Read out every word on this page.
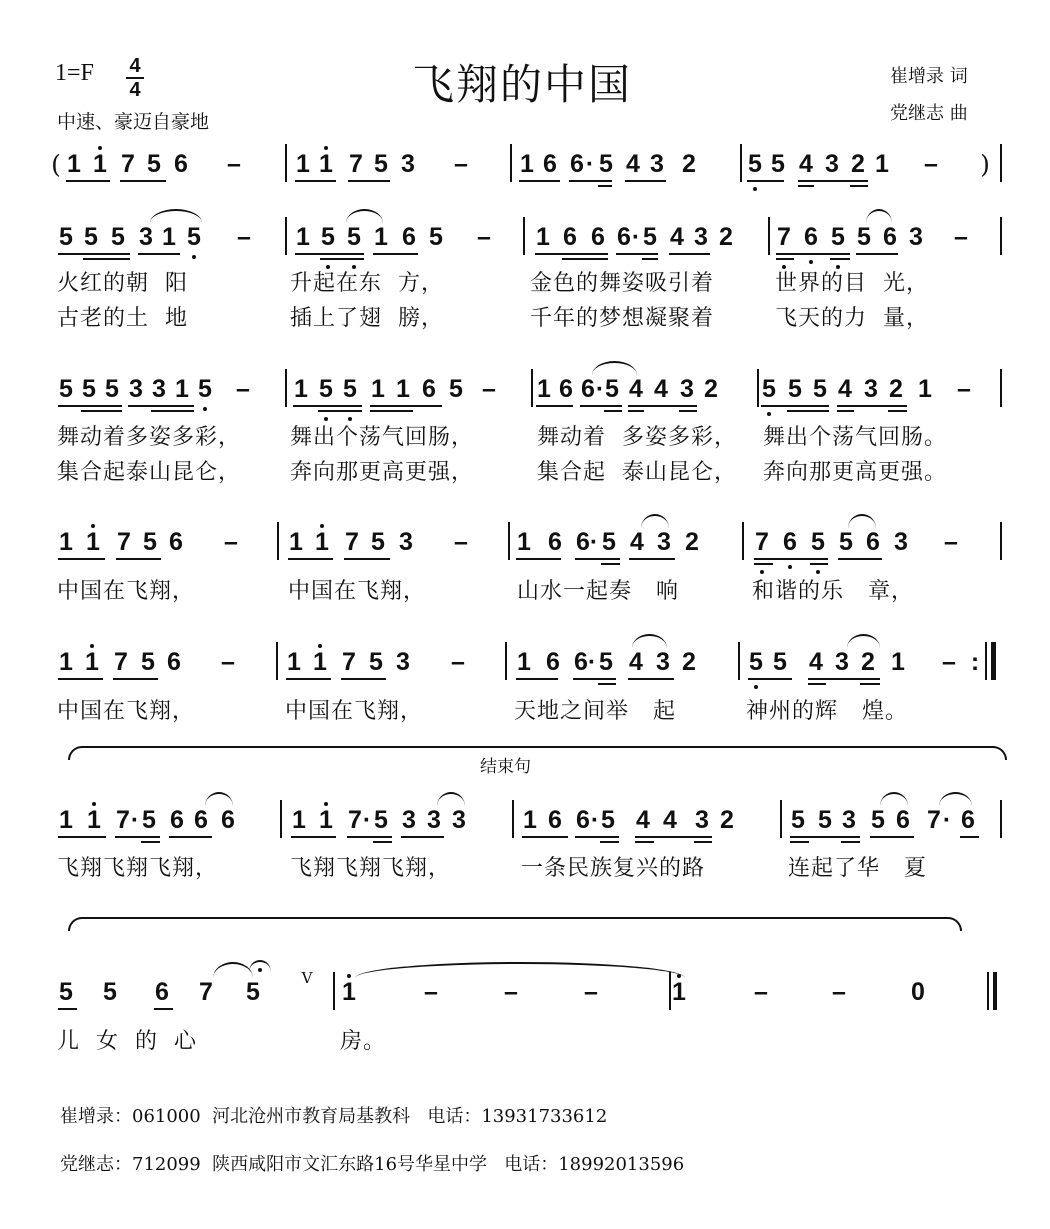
1=F 4
4
中速、豪迈自豪地
飞翔的中国	崔增录 词
党继志 曲
(	)
1 1 7 5 6 – 1 1 7 5 3 – 1 6 6 · 5 4 3 2 5 5 4 3 2 1 –
5 5 5 3 1 5 – 1 5 5 1 6 5 – 1 6 6 6 · 5 4 3 2 7 6 5 5 6 3 –
5 5 5 3 3 1 5 – 1 5 5 1 1 6 5 – 1 6 6 · 5 4 4 3 2 5 5 5 4 3 2 1 –
1 1 7 5 6 – 1 1 7 5 3 – 1 6 6 · 5 4 3 2 7 6 5 5 6 3 –
1 1 7 5 6 – 1 1 7 5 3 – 1 6 6 · 5 4 3 2 5 5 4 3 2 1 – :
1 1 7 · 5 6 6 6 1 1 7 · 5 3 3 3 1 6 6 · 5 4 4 3 2 5 5 3 5 6 7 · 6
5 5 6 7 5	1	–	–	–	1	–	–	0
V
结束句
火红的朝  阳	升起在东  方，	金色的舞姿吸引着	世界的目  光，
古老的土  地	插上了翅  膀，	千年的梦想凝聚着	飞天的力  量，
舞动着多姿多彩， 舞出个荡气回肠，	舞动着  多姿多彩， 舞出个荡气回肠。
集合起泰山昆仑， 奔向那更高更强，	集合起  泰山昆仑， 奔向那更高更强。
中国在飞翔，	中国在飞翔，	山水一起奏   响	和谐的乐   章，
中国在飞翔，	中国在飞翔，	天地之间举   起	神州的辉   煌。
飞翔飞翔飞翔，	飞翔飞翔飞翔，	一条民族复兴的路	连起了华   夏
儿  女  的  心	房。
崔增录：061000  河北沧州市教育局基教科   电话：13931733612
党继志：712099  陕西咸阳市文汇东路16号华星中学   电话：18992013596
